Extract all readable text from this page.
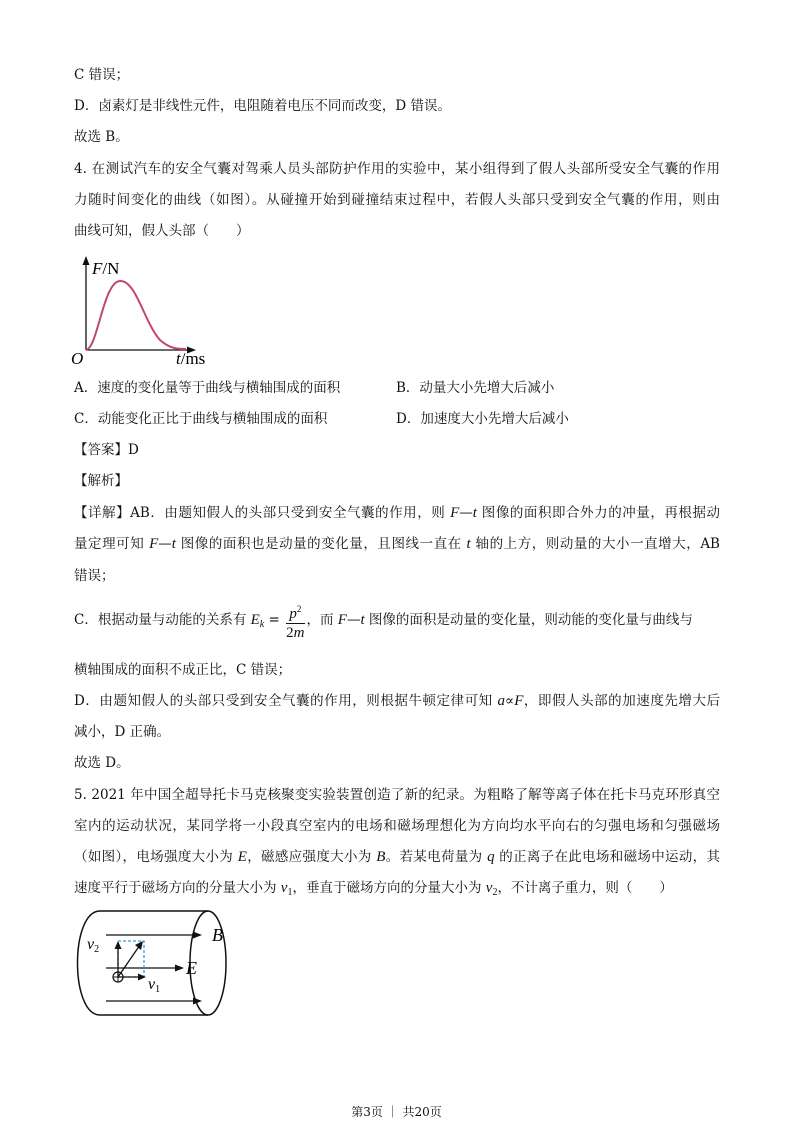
C 错误；
D．卤素灯是非线性元件，电阻随着电压不同而改变，D 错误。
故选 B。
4. 在测试汽车的安全气囊对驾乘人员头部防护作用的实验中，某小组得到了假人头部所受安全气囊的作用
力随时间变化的曲线（如图）。从碰撞开始到碰撞结束过程中，若假人头部只受到安全气囊的作用，则由
曲线可知，假人头部（　　）
F/N
O	t/ms
A．速度的变化量等于曲线与横轴围成的面积	B．动量大小先增大后减小
C．动能变化正比于曲线与横轴围成的面积	D．加速度大小先增大后减小
【答案】D
【解析】
【详解】AB．由题知假人的头部只受到安全气囊的作用，则 F—t 图像的面积即合外力的冲量，再根据动
量定理可知 F—t 图像的面积也是动量的变化量，且图线一直在 t 轴的上方，则动量的大小一直增大，AB
错误；
C．根据动量与动能的关系有 $E_k = \frac{p^2}{2m}$ ，而 F—t 图像的面积是动量的变化量，则动能的变化量与曲线与
横轴围成的面积不成正比，C 错误；
D．由题知假人的头部只受到安全气囊的作用，则根据牛顿定律可知 a∝F，即假人头部的加速度先增大后
减小，D 正确。
故选 D。
5. 2021 年中国全超导托卡马克核聚变实验装置创造了新的纪录。为粗略了解等离子体在托卡马克环形真空
室内的运动状况，某同学将一小段真空室内的电场和磁场理想化为方向均水平向右的匀强电场和匀强磁场
（如图），电场强度大小为 E，磁感应强度大小为 B。若某电荷量为 q 的正离子在此电场和磁场中运动，其
速度平行于磁场方向的分量大小为 $v_1$，垂直于磁场方向的分量大小为 $v_2$，不计离子重力，则（　　）
B
E
v1
v2
第3页 ｜ 共20页
